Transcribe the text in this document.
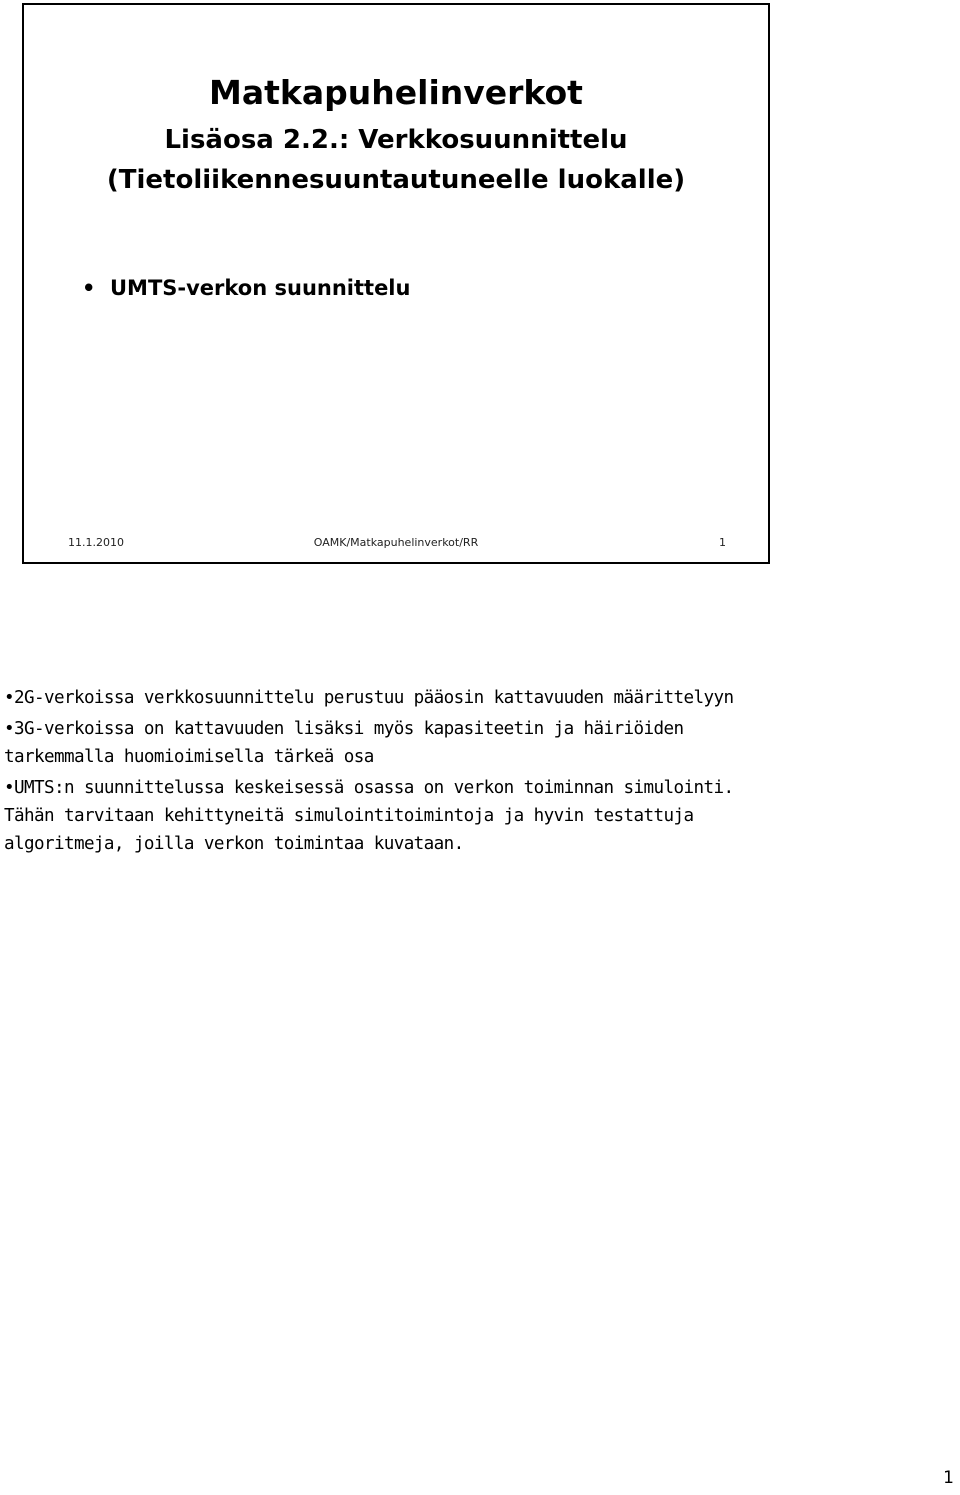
Matkapuhelinverkot
Lisäosa 2.2.: Verkkosuunnittelu
(Tietoliikennesuuntautuneelle luokalle)
• UMTS-verkon suunnittelu
11.1.2010	OAMK/Matkapuhelinverkot/RR	1

•2G-verkoissa verkkosuunnittelu perustuu pääosin kattavuuden määrittelyyn

•3G-verkoissa on kattavuuden lisäksi myös kapasiteetin ja häiriöiden
tarkemmalla huomioimisella tärkeä osa

•UMTS:n suunnittelussa keskeisessä osassa on verkon toiminnan simulointi.
Tähän tarvitaan kehittyneitä simulointitoimintoja ja hyvin testattuja
algoritmeja, joilla verkon toimintaa kuvataan.

1
